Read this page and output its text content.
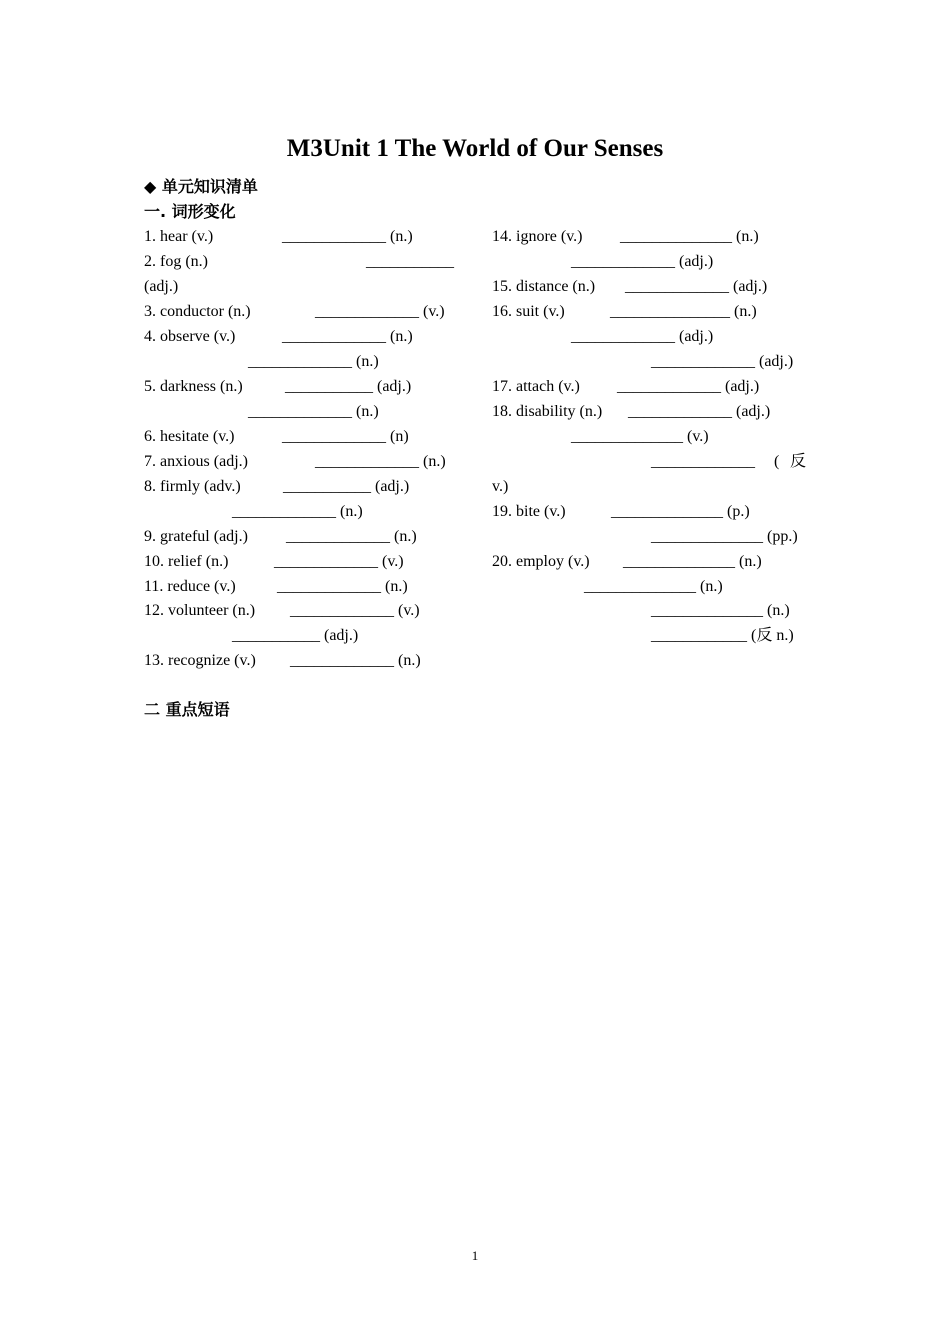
M3Unit 1 The World of Our Senses
◆ 单元知识清单
一. 词形变化
1. hear (v.)	_____________ (n.)
2. fog (n.)	___________
(adj.)
3. conductor (n.)	_____________ (v.)
4. observe (v.)	_____________ (n.)
_____________ (n.)
5. darkness (n.)	___________ (adj.)
_____________ (n.)
6. hesitate (v.)	_____________ (n)
7. anxious (adj.)	_____________ (n.)
8. firmly (adv.)	___________ (adj.)
_____________ (n.)
9. grateful (adj.) _____________ (n.)
10. relief (n.)	_____________ (v.)
11. reduce (v.)	_____________ (n.)
12. volunteer (n.) _____________ (v.)
___________ (adj.)
13. recognize (v.) _____________ (n.)
14. ignore (v.) ______________ (n.)
_____________ (adj.)
15. distance (n.) _____________ (adj.)
16. suit (v.)	_______________ (n.)
_____________ (adj.)
_____________ (adj.)
17. attach (v.) _____________ (adj.)
18. disability (n.) _____________ (adj.)
______________ (v.)
_____________ ( 反
v.)
19. bite (v.)	______________ (p.)
______________ (pp.)
20. employ (v.) ______________ (n.)
______________ (n.)
______________ (n.)
____________ (反 n.)
二 重点短语
1
